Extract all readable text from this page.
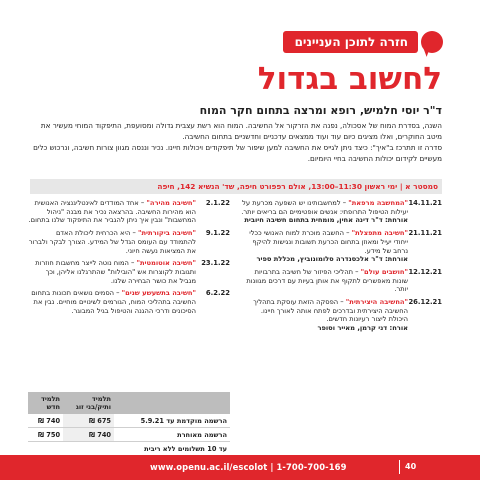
חזרה לתוכן העניינים
לחשוב בגדול
ד"ר יוסי חלמיש, רופא ומרצה בתחום חקר המוח

השנה, בסדרת המוח של אסכולה, נפנה את הזרקור אל החשיבה. המוח הוא רשת עצבית גדולה ומסועפת, התיפקוד המוחי מעשיר את מיטב החוקרים, ואלו מציגים כיום עוד ועוד ממצאים עדכניים וחדשניים בתחום החשיבה.

סדרה זו תתרכז ב"איך": כיצד ניתן לגייס את החשיבה למען שיפור של תיפקודים ויכולות חיינו. נכיר וננסה מגוון צורות חשיבה, ונרכוש כלים מעשיים לקידום יכולות החשיבה בחיי היומיום.

סמסטר א | ימי ראשון 11:30–13:00, אולם רפפורט חיפה, שד' הנשיא 142, חיפה
14.11.21
"המחשבה מרפאת" – למחשבותינו יש השפעה מכרעת על יעילות הטיפול התרופתי: אנשים אופטימיים הם בריאים יותר.
אורחת: ד"ר דינה אחין, מומחית בתחום חשיבה חיובית
21.11.21
"חשיבה מתפצלת" – החשבה מוכרת למוח האנושי ככלי ייחודי יעיל ומאוזן בתחום הכרעת תשובות ונגישות להיקף נרחב של מידע.
אורחת: ד"ר אלכסנדרה סלומונוביץ, מכללת ספיר
12.12.21
"חושבים עולם" – תהליכי הפיזור של חשיבה בתרבויות שונות מאפשרים לתקוף את אותן בעיות עם דרכים מגוונות יותר.
26.12.21
"החשיבה היצירתית" – הפסקה הזאת עוסקת בתהליך החשיבה היצירתית ובדרכים לפתח אותה לאורך חיינו. היכולת ליצור רעיונות חדשים.
אורח: דני קרמן, מאייר וסופר
2.1.22
"חשיבה מהירה" – אחד המודדים לאינטליגנציה האנושית הוא מהירות החשיבה. בהרצאה נכיר את מבנה "ניהול המחשבות" ונבין איך ניתן להגביר את התיפקוד שלנו בתחום.
9.1.22
"חשיבה ביקורתית" – היא הכרחית ליכולת האדם להתמודד עם העומס הגדל של המידע. הצורך לבקר ולברור את המציאות נעשה חיוני.
23.1.22
"חשיבה אוטומטית" – המוח נוטה לייצר מחשבות חוזרות ותגובות לקוצרות אש "הובילות" שהתרגלנו אליהן, וכך מגביל את כושר הבחירה שלנו.
6.2.22
"חשיבה בתשעשע שנים" – הסמים נושאים תכונות בתחום החשיבה בתהליכי המוח, הגורמים לשינויים מוחיים. נבין את הסיכונים ודרכי ההגנה והטיפול בגיל המבוגר.
	תלמיד ותיק/בני זוג	תלמיד חדש
הרשמה מוקדמת עד 5.9.21	675 ₪	740 ₪
הרשמה מאוחרת	740 ₪	750 ₪
עד 10 תשלומים ללא ריבית		
www.openu.ac.il/escolot | 1-700-700-169	40
